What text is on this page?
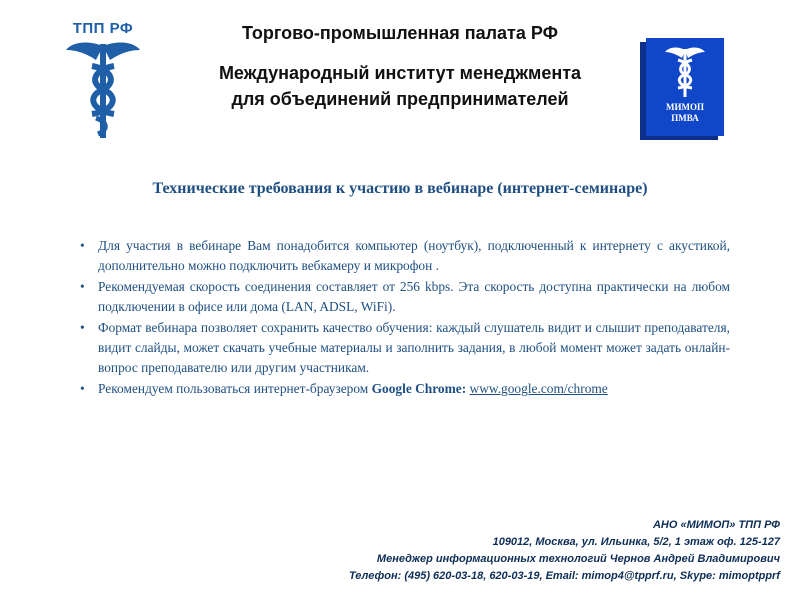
ТПП РФ	Торгово-промышленная палата РФ
Международный институт менеджмента
для объединений предпринимателей	МИМОП
ПМВА
Технические требования к участию в вебинаре (интернет-семинаре)
• Для участия в вебинаре Вам понадобится компьютер (ноутбук), подключенный к интернету с акустикой, дополнительно можно подключить вебкамеру и микрофон .
• Рекомендуемая скорость соединения составляет от 256 kbps. Эта скорость доступна практически на любом подключении в офисе или дома (LAN, ADSL, WiFi).
• Формат вебинара позволяет сохранить качество обучения: каждый слушатель видит и слышит преподавателя, видит слайды, может скачать учебные материалы и заполнить задания, в любой момент может задать онлайн-вопрос преподавателю или другим участникам.
• Рекомендуем пользоваться интернет-браузером Google Chrome: www.google.com/chrome
АНО «МИМОП» ТПП РФ
109012, Москва, ул. Ильинка, 5/2, 1 этаж оф. 125-127
Менеджер информационных технологий Чернов Андрей Владимирович
Телефон: (495) 620-03-18, 620-03-19, Email: mimop4@tpprf.ru, Skype: mimoptpprf
